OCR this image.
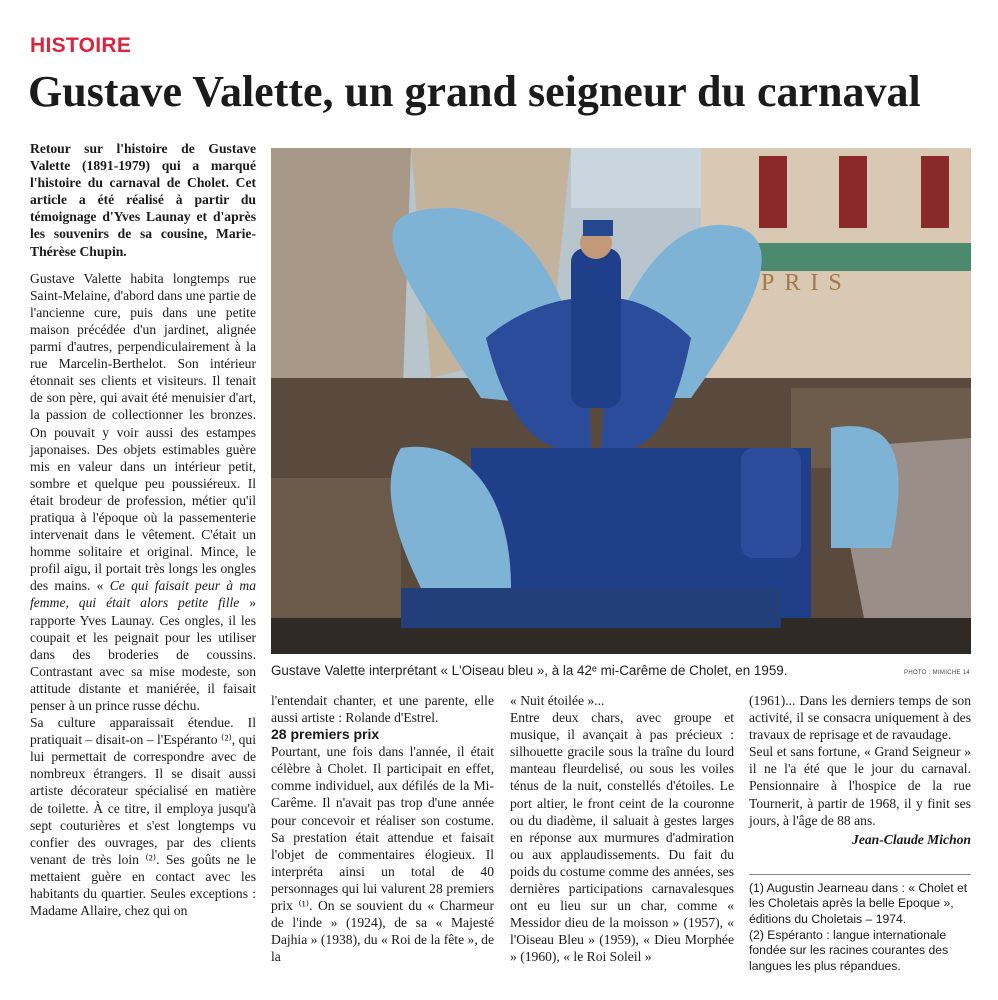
HISTOIRE
Gustave Valette, un grand seigneur du carnaval

Retour sur l'histoire de Gustave Valette (1891-1979) qui a marqué l'histoire du carnaval de Cholet. Cet article a été réalisé à partir du témoignage d'Yves Launay et d'après les souvenirs de sa cousine, Marie-Thérèse Chupin.

Gustave Valette habita longtemps rue Saint-Melaine, d'abord dans une partie de l'ancienne cure, puis dans une petite maison précédée d'un jardinet, alignée parmi d'autres, perpendiculairement à la rue Marcelin-Berthelot. Son intérieur étonnait ses clients et visiteurs. Il tenait de son père, qui avait été menuisier d'art, la passion de collectionner les bronzes. On pouvait y voir aussi des estampes japonaises. Des objets estimables guère mis en valeur dans un intérieur petit, sombre et quelque peu poussiéreux. Il était brodeur de profession, métier qu'il pratiqua à l'époque où la passementerie intervenait dans le vêtement. C'était un homme solitaire et original. Mince, le profil aigu, il portait très longs les ongles des mains. « Ce qui faisait peur à ma femme, qui était alors petite fille » rapporte Yves Launay. Ces ongles, il les coupait et les peignait pour les utiliser dans des broderies de coussins. Contrastant avec sa mise modeste, son attitude distante et maniérée, il faisait penser à un prince russe déchu.

Sa culture apparaissait étendue. Il pratiquait – disait-on – l'Espéranto ⁽²⁾, qui lui permettait de correspondre avec de nombreux étrangers. Il se disait aussi artiste décorateur spécialisé en matière de toilette. À ce titre, il employa jusqu'à sept couturières et s'est longtemps vu confier des ouvrages, par des clients venant de très loin ⁽²⁾. Ses goûts ne le mettaient guère en contact avec les habitants du quartier. Seules exceptions : Madame Allaire, chez qui on

PRIS
Gustave Valette interprétant « L'Oiseau bleu », à la 42ᵉ mi-Carême de Cholet, en 1959.	PHOTO : MIMICHE 14

l'entendait chanter, et une parente, elle aussi artiste : Rolande d'Estrel.

28 premiers prix

Pourtant, une fois dans l'année, il était célèbre à Cholet. Il participait en effet, comme individuel, aux défilés de la Mi-Carême. Il n'avait pas trop d'une année pour concevoir et réaliser son costume. Sa prestation était attendue et faisait l'objet de commentaires élogieux. Il interpréta ainsi un total de 40 personnages qui lui valurent 28 premiers prix ⁽¹⁾. On se souvient du « Charmeur de l'inde » (1924), de sa « Majesté Dajhia » (1938), du « Roi de la fête », de la

« Nuit étoilée »...

Entre deux chars, avec groupe et musique, il avançait à pas précieux : silhouette gracile sous la traîne du lourd manteau fleurdelisé, ou sous les voiles ténus de la nuit, constellés d'étoiles. Le port altier, le front ceint de la couronne ou du diadème, il saluait à gestes larges en réponse aux murmures d'admiration ou aux applaudissements. Du fait du poids du costume comme des années, ses dernières participations carnavalesques ont eu lieu sur un char, comme « Messidor dieu de la moisson » (1957), « l'Oiseau Bleu » (1959), « Dieu Morphée » (1960), « le Roi Soleil »

(1961)... Dans les derniers temps de son activité, il se consacra uniquement à des travaux de reprisage et de ravaudage.

Seul et sans fortune, « Grand Seigneur » il ne l'a été que le jour du carnaval. Pensionnaire à l'hospice de la rue Tournerit, à partir de 1968, il y finit ses jours, à l'âge de 88 ans.

Jean-Claude Michon

(1) Augustin Jearneau dans : « Cholet et les Choletais après la belle Epoque », éditions du Choletais – 1974.

(2) Espéranto : langue internationale fondée sur les racines courantes des langues les plus répandues.
